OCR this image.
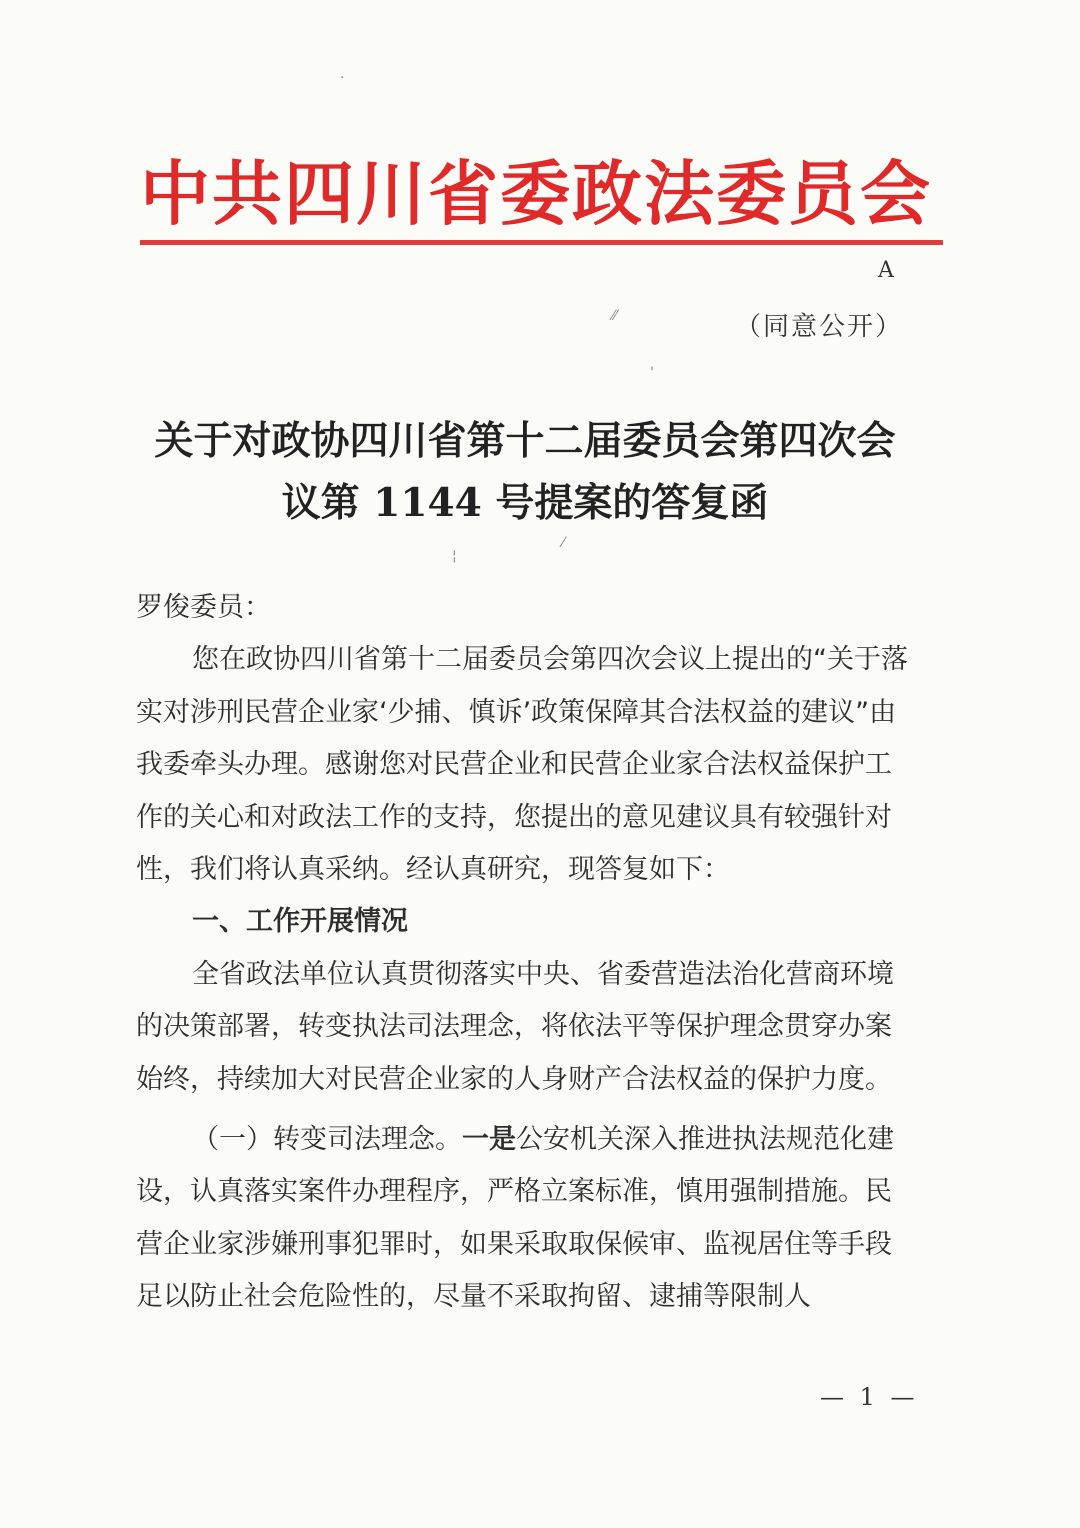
中共四川省委政法委员会
A
（同意公开）
·
⁄⁄
'
¦
⁄
关于对政协四川省第十二届委员会第四次会
议第 1144 号提案的答复函

罗俊委员：

您在政协四川省第十二届委员会第四次会议上提出的“关于落实对涉刑民营企业家‘少捕、慎诉’政策保障其合法权益的建议”由我委牵头办理。感谢您对民营企业和民营企业家合法权益保护工作的关心和对政法工作的支持，您提出的意见建议具有较强针对性，我们将认真采纳。经认真研究，现答复如下：

一、工作开展情况

全省政法单位认真贯彻落实中央、省委营造法治化营商环境的决策部署，转变执法司法理念，将依法平等保护理念贯穿办案始终，持续加大对民营企业家的人身财产合法权益的保护力度。

（一）转变司法理念。一是公安机关深入推进执法规范化建设，认真落实案件办理程序，严格立案标准，慎用强制措施。民营企业家涉嫌刑事犯罪时，如果采取取保候审、监视居住等手段足以防止社会危险性的，尽量不采取拘留、逮捕等限制人

— 1 —
